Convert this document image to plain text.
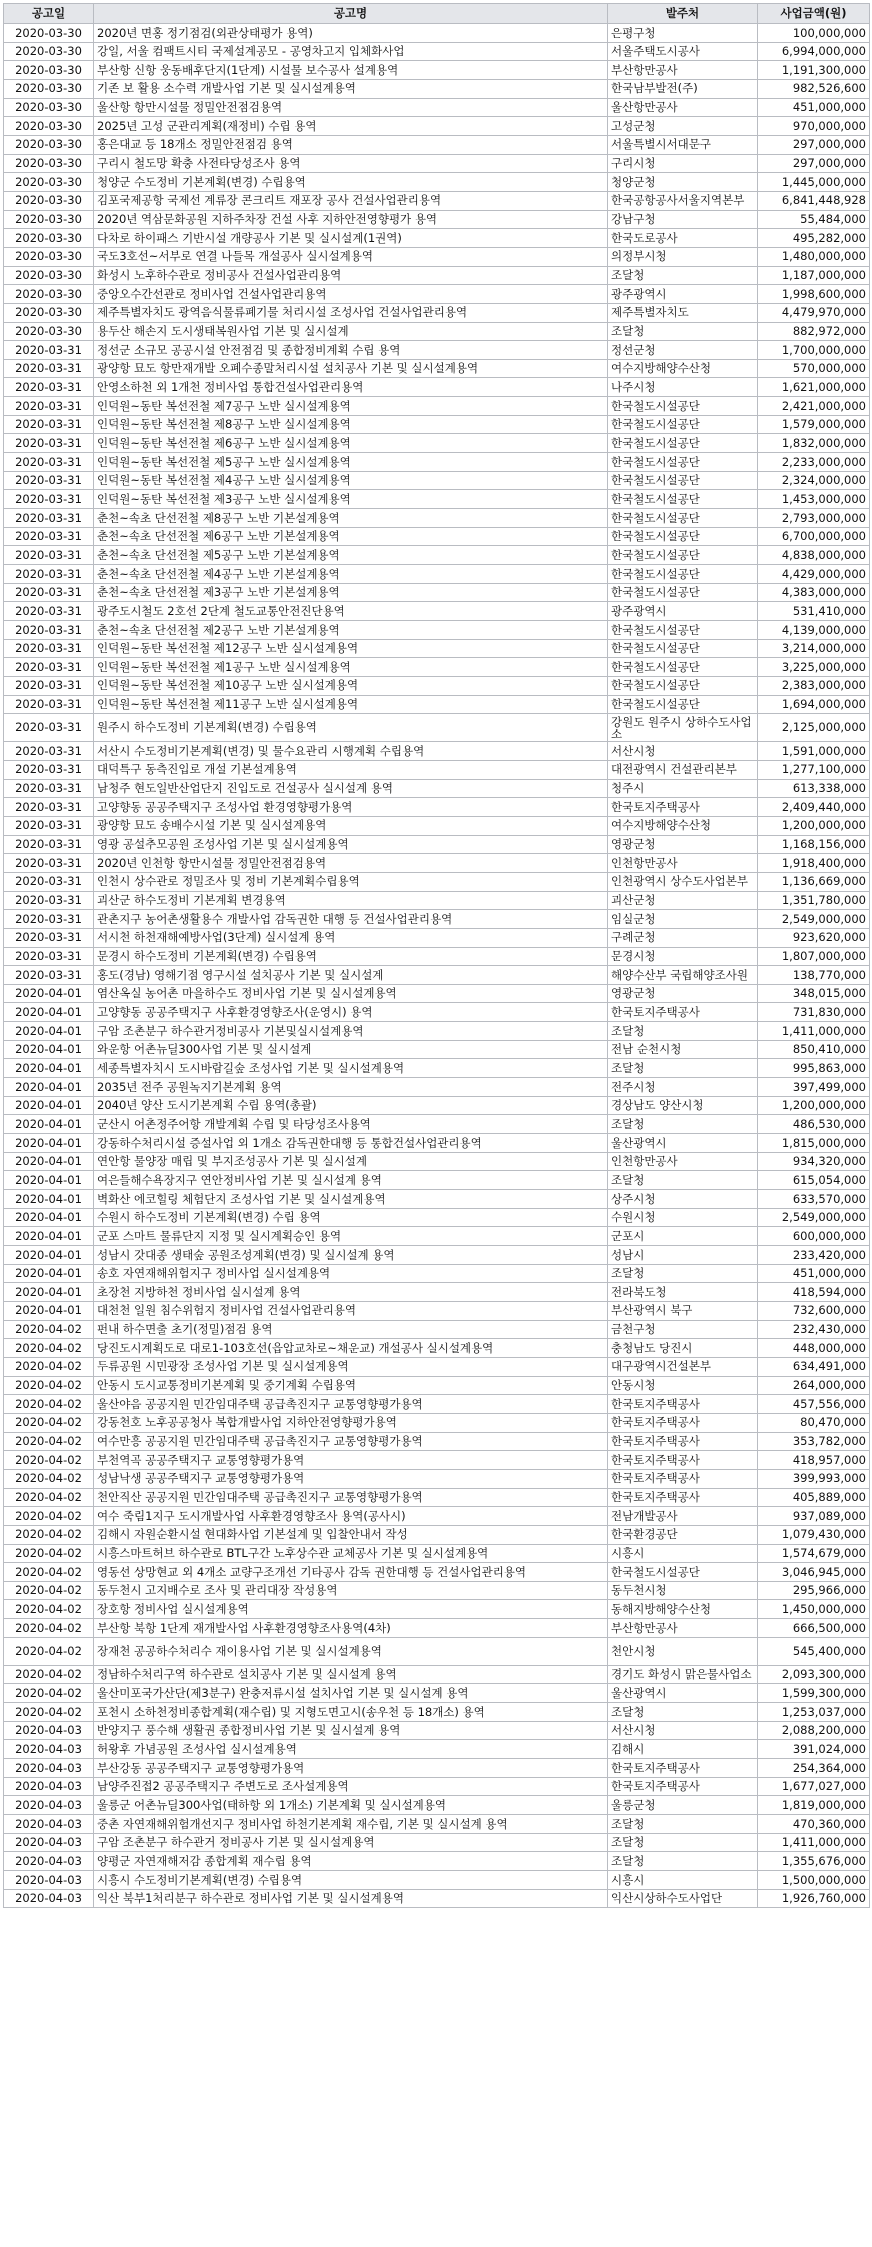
공고일	공고명	발주처	사업금액(원)
2020-03-30	2020년 면홍 정기점검(외관상태평가 용역)	은평구청	100,000,000
2020-03-30	강일, 서울 컴팩트시티 국제설계공모 - 공영차고지 입체화사업	서울주택도시공사	6,994,000,000
2020-03-30	부산항 신항 웅동배후단지(1단계) 시설물 보수공사 설계용역	부산항만공사	1,191,300,000
2020-03-30	기존 보 활용 소수력 개발사업 기본 및 실시설계용역	한국남부발전(주)	982,526,600
2020-03-30	울산항 항만시설물 정밀안전점검용역	울산항만공사	451,000,000
2020-03-30	2025년 고성 군관리계획(재정비) 수립 용역	고성군청	970,000,000
2020-03-30	홍은대교 등 18개소 정밀안전점검 용역	서울특별시서대문구	297,000,000
2020-03-30	구리시 철도망 확충 사전타당성조사 용역	구리시청	297,000,000
2020-03-30	청양군 수도정비 기본계획(변경) 수립용역	청양군청	1,445,000,000
2020-03-30	김포국제공항 국제선 계류장 콘크리트 재포장 공사 건설사업관리용역	한국공항공사서울지역본부	6,841,448,928
2020-03-30	2020년 역삼문화공원 지하주차장 건설 사후 지하안전영향평가 용역	강남구청	55,484,000
2020-03-30	다차로 하이패스 기반시설 개량공사 기본 및 실시설계(1권역)	한국도로공사	495,282,000
2020-03-30	국도3호선~서부로 연결 나들목 개설공사 실시설계용역	의정부시청	1,480,000,000
2020-03-30	화성시 노후하수관로 정비공사 건설사업관리용역	조달청	1,187,000,000
2020-03-30	중앙오수간선관로 정비사업 건설사업관리용역	광주광역시	1,998,600,000
2020-03-30	제주특별자치도 광역음식물류폐기물 처리시설 조성사업 건설사업관리용역	제주특별자치도	4,479,970,000
2020-03-30	용두산 해손지 도시생태복원사업 기본 및 실시설계	조달청	882,972,000
2020-03-31	정선군 소규모 공공시설 안전점검 및 종합정비계획 수립 용역	정선군청	1,700,000,000
2020-03-31	광양항 묘도 항만재개발 오폐수종말처리시설 설치공사 기본 및 실시설계용역	여수지방해양수산청	570,000,000
2020-03-31	안영소하천 외 1개천 정비사업 통합건설사업관리용역	나주시청	1,621,000,000
2020-03-31	인덕원~동탄 복선전철 제7공구 노반 실시설계용역	한국철도시설공단	2,421,000,000
2020-03-31	인덕원~동탄 복선전철 제8공구 노반 실시설계용역	한국철도시설공단	1,579,000,000
2020-03-31	인덕원~동탄 복선전철 제6공구 노반 실시설계용역	한국철도시설공단	1,832,000,000
2020-03-31	인덕원~동탄 복선전철 제5공구 노반 실시설계용역	한국철도시설공단	2,233,000,000
2020-03-31	인덕원~동탄 복선전철 제4공구 노반 실시설계용역	한국철도시설공단	2,324,000,000
2020-03-31	인덕원~동탄 복선전철 제3공구 노반 실시설계용역	한국철도시설공단	1,453,000,000
2020-03-31	춘천~속초 단선전철 제8공구 노반 기본설계용역	한국철도시설공단	2,793,000,000
2020-03-31	춘천~속초 단선전철 제6공구 노반 기본설계용역	한국철도시설공단	6,700,000,000
2020-03-31	춘천~속초 단선전철 제5공구 노반 기본설계용역	한국철도시설공단	4,838,000,000
2020-03-31	춘천~속초 단선전철 제4공구 노반 기본설계용역	한국철도시설공단	4,429,000,000
2020-03-31	춘천~속초 단선전철 제3공구 노반 기본설계용역	한국철도시설공단	4,383,000,000
2020-03-31	광주도시철도 2호선 2단계 철도교통안전진단용역	광주광역시	531,410,000
2020-03-31	춘천~속초 단선전철 제2공구 노반 기본설계용역	한국철도시설공단	4,139,000,000
2020-03-31	인덕원~동탄 복선전철 제12공구 노반 실시설계용역	한국철도시설공단	3,214,000,000
2020-03-31	인덕원~동탄 복선전철 제1공구 노반 실시설계용역	한국철도시설공단	3,225,000,000
2020-03-31	인덕원~동탄 복선전철 제10공구 노반 실시설계용역	한국철도시설공단	2,383,000,000
2020-03-31	인덕원~동탄 복선전철 제11공구 노반 실시설계용역	한국철도시설공단	1,694,000,000
2020-03-31	원주시 하수도정비 기본계획(변경) 수립용역	강원도 원주시 상하수도사업소	2,125,000,000
2020-03-31	서산시 수도정비기본계획(변경) 및 물수요관리 시행계획 수립용역	서산시청	1,591,000,000
2020-03-31	대덕특구 동측진입로 개설 기본설계용역	대전광역시 건설관리본부	1,277,100,000
2020-03-31	남청주 현도일반산업단지 진입도로 건설공사 실시설계 용역	청주시	613,338,000
2020-03-31	고양향동 공공주택지구 조성사업 환경영향평가용역	한국토지주택공사	2,409,440,000
2020-03-31	광양항 묘도 송배수시설 기본 및 실시설계용역	여수지방해양수산청	1,200,000,000
2020-03-31	영광 공설추모공원 조성사업 기본 및 실시설계용역	영광군청	1,168,156,000
2020-03-31	2020년 인천항 항만시설물 정밀안전점검용역	인천항만공사	1,918,400,000
2020-03-31	인천시 상수관로 정밀조사 및 정비 기본계획수립용역	인천광역시 상수도사업본부	1,136,669,000
2020-03-31	괴산군 하수도정비 기본계획 변경용역	괴산군청	1,351,780,000
2020-03-31	관촌지구 농어촌생활용수 개발사업 감독권한 대행 등 건설사업관리용역	임실군청	2,549,000,000
2020-03-31	서시천 하천재해예방사업(3단계) 실시설계 용역	구례군청	923,620,000
2020-03-31	문경시 하수도정비 기본계획(변경) 수립용역	문경시청	1,807,000,000
2020-03-31	홍도(경남) 영해기점 영구시설 설치공사 기본 및 실시설계	해양수산부 국립해양조사원	138,770,000
2020-04-01	염산옥실 농어촌 마을하수도 정비사업 기본 및 실시설계용역	영광군청	348,015,000
2020-04-01	고양향동 공공주택지구 사후환경영향조사(운영시) 용역	한국토지주택공사	731,830,000
2020-04-01	구암 조촌분구 하수관거정비공사 기본및실시설계용역	조달청	1,411,000,000
2020-04-01	와운항 어촌뉴딜300사업 기본 및 실시설계	전남 순천시청	850,410,000
2020-04-01	세종특별자치시 도시바람길숲 조성사업 기본 및 실시설계용역	조달청	995,863,000
2020-04-01	2035년 전주 공원녹지기본계획 용역	전주시청	397,499,000
2020-04-01	2040년 양산 도시기본계획 수립 용역(총괄)	경상남도 양산시청	1,200,000,000
2020-04-01	군산시 어촌정주어항 개발계획 수립 및 타당성조사용역	조달청	486,530,000
2020-04-01	강동하수처리시설 증설사업 외 1개소 감독권한대행 등 통합건설사업관리용역	울산광역시	1,815,000,000
2020-04-01	연안항 물양장 매립 및 부지조성공사 기본 및 실시설계	인천항만공사	934,320,000
2020-04-01	여은들해수욕장지구 연안정비사업 기본 및 실시설계 용역	조달청	615,054,000
2020-04-01	벽화산 에코힐링 체험단지 조성사업 기본 및 실시설계용역	상주시청	633,570,000
2020-04-01	수원시 하수도정비 기본계획(변경) 수립 용역	수원시청	2,549,000,000
2020-04-01	군포 스마트 물류단지 지정 및 실시계획승인 용역	군포시	600,000,000
2020-04-01	성남시 갓대종 생태숲 공원조성계획(변경) 및 실시설계 용역	성남시	233,420,000
2020-04-01	송호 자연재해위험지구 정비사업 실시설계용역	조달청	451,000,000
2020-04-01	초장천 지방하천 정비사업 실시설계 용역	전라북도청	418,594,000
2020-04-01	대천천 일원 침수위험지 정비사업 건설사업관리용역	부산광역시 북구	732,600,000
2020-04-02	펀내 하수면출 초기(정밀)점검 용역	금천구청	232,430,000
2020-04-02	당진도시계획도로 대로1-103호선(읍압교차로~채운교) 개설공사 실시설계용역	충청남도 당진시	448,000,000
2020-04-02	두류공원 시민광장 조성사업 기본 및 실시설계용역	대구광역시건설본부	634,491,000
2020-04-02	안동시 도시교통정비기본계획 및 중기계획 수립용역	안동시청	264,000,000
2020-04-02	울산야음 공공지원 민간임대주택 공급촉진지구 교통영향평가용역	한국토지주택공사	457,556,000
2020-04-02	강동천호 노후공공청사 복합개발사업 지하안전영향평가용역	한국토지주택공사	80,470,000
2020-04-02	여수만흥 공공지원 민간임대주택 공급촉진지구 교통영향평가용역	한국토지주택공사	353,782,000
2020-04-02	부천역곡 공공주택지구 교통영향평가용역	한국토지주택공사	418,957,000
2020-04-02	성남낙생 공공주택지구 교통영향평가용역	한국토지주택공사	399,993,000
2020-04-02	천안직산 공공지원 민간임대주택 공급촉진지구 교통영향평가용역	한국토지주택공사	405,889,000
2020-04-02	여수 죽림1지구 도시개발사업 사후환경영향조사 용역(공사시)	전남개발공사	937,089,000
2020-04-02	김해시 자원순환시설 현대화사업 기본설계 및 입찰안내서 작성	한국환경공단	1,079,430,000
2020-04-02	시흥스마트허브 하수관로 BTL구간 노후상수관 교체공사 기본 및 실시설계용역	시흥시	1,574,679,000
2020-04-02	영동선 상망현교 외 4개소 교량구조개선 기타공사 감독 권한대행 등 건설사업관리용역	한국철도시설공단	3,046,945,000
2020-04-02	동두천시 고지배수로 조사 및 관리대장 작성용역	동두천시청	295,966,000
2020-04-02	장호항 정비사업 실시설계용역	동해지방해양수산청	1,450,000,000
2020-04-02	부산항 북항 1단계 재개발사업 사후환경영향조사용역(4차)	부산항만공사	666,500,000
2020-04-02	장재천 공공하수처리수 재이용사업 기본 및 실시설계용역	천안시청	545,400,000
2020-04-02	정남하수처리구역 하수관로 설치공사 기본 및 실시설계 용역	경기도 화성시 맑은물사업소	2,093,300,000
2020-04-02	울산미포국가산단(제3분구) 완충저류시설 설치사업 기본 및 실시설계 용역	울산광역시	1,599,300,000
2020-04-02	포천시 소하천정비종합계획(재수립) 및 지형도면고시(송우천 등 18개소) 용역	조달청	1,253,037,000
2020-04-03	반양지구 풍수해 생활권 종합정비사업 기본 및 실시설계 용역	서산시청	2,088,200,000
2020-04-03	허왕후 가념공원 조성사업 실시설계용역	김해시	391,024,000
2020-04-03	부산강동 공공주택지구 교통영향평가용역	한국토지주택공사	254,364,000
2020-04-03	남양주진접2 공공주택지구 주변도로 조사설계용역	한국토지주택공사	1,677,027,000
2020-04-03	울릉군 어촌뉴딜300사업(태하항 외 1개소) 기본계획 및 실시설계용역	울릉군청	1,819,000,000
2020-04-03	중촌 자연재해위험개선지구 정비사업 하천기본계획 재수립, 기본 및 실시설계 용역	조달청	470,360,000
2020-04-03	구암 조촌분구 하수관거 정비공사 기본 및 실시설계용역	조달청	1,411,000,000
2020-04-03	양평군 자연재해저감 종합계획 재수립 용역	조달청	1,355,676,000
2020-04-03	시흥시 수도정비기본계획(변경) 수립용역	시흥시	1,500,000,000
2020-04-03	익산 북부1처리분구 하수관로 정비사업 기본 및 실시설계용역	익산시상하수도사업단	1,926,760,000
